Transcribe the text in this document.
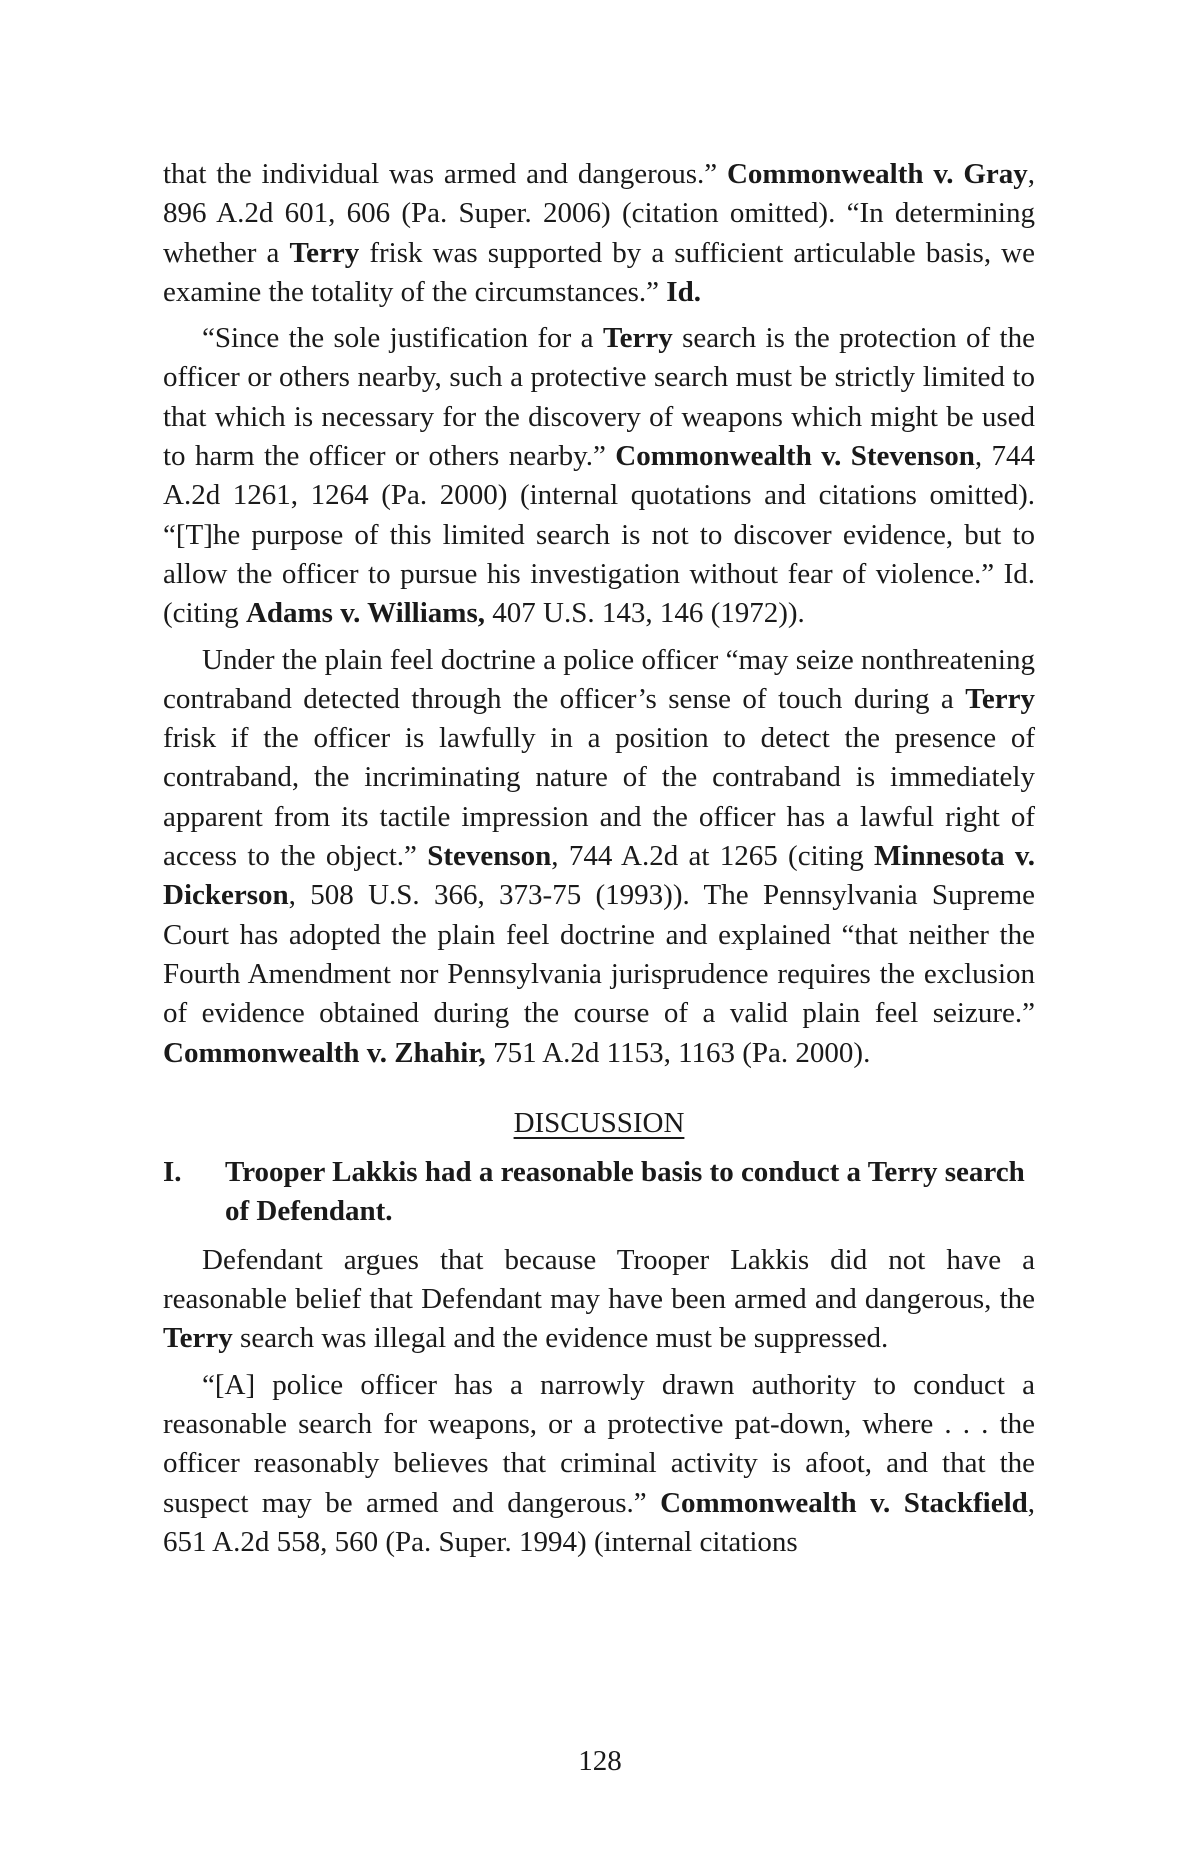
that the individual was armed and dangerous.” Commonwealth v. Gray, 896 A.2d 601, 606 (Pa. Super. 2006) (citation omitted). “In determining whether a Terry frisk was supported by a sufficient articulable basis, we examine the totality of the circumstances.” Id.

“Since the sole justification for a Terry search is the protection of the officer or others nearby, such a protective search must be strictly limited to that which is necessary for the discovery of weapons which might be used to harm the officer or others nearby.” Commonwealth v. Stevenson, 744 A.2d 1261, 1264 (Pa. 2000) (internal quotations and citations omitted). “[T]he purpose of this limited search is not to discover evidence, but to allow the officer to pursue his investigation without fear of violence.” Id. (citing Adams v. Williams, 407 U.S. 143, 146 (1972)).

Under the plain feel doctrine a police officer “may seize nonthreatening contraband detected through the officer’s sense of touch during a Terry frisk if the officer is lawfully in a position to detect the presence of contraband, the incriminating nature of the contraband is immediately apparent from its tactile impression and the officer has a lawful right of access to the object.” Stevenson, 744 A.2d at 1265 (citing Minnesota v. Dickerson, 508 U.S. 366, 373-75 (1993)). The Pennsylvania Supreme Court has adopted the plain feel doctrine and explained “that neither the Fourth Amendment nor Pennsylvania jurisprudence requires the exclusion of evidence obtained during the course of a valid plain feel seizure.” Commonwealth v. Zhahir, 751 A.2d 1153, 1163 (Pa. 2000).

DISCUSSION
I.	Trooper Lakkis had a reasonable basis to conduct a Terry search of Defendant.

Defendant argues that because Trooper Lakkis did not have a reasonable belief that Defendant may have been armed and dangerous, the Terry search was illegal and the evidence must be suppressed.

“[A] police officer has a narrowly drawn authority to conduct a reasonable search for weapons, or a protective pat-down, where . . . the officer reasonably believes that criminal activity is afoot, and that the suspect may be armed and dangerous.” Commonwealth v. Stackfield, 651 A.2d 558, 560 (Pa. Super. 1994) (internal citations

128
